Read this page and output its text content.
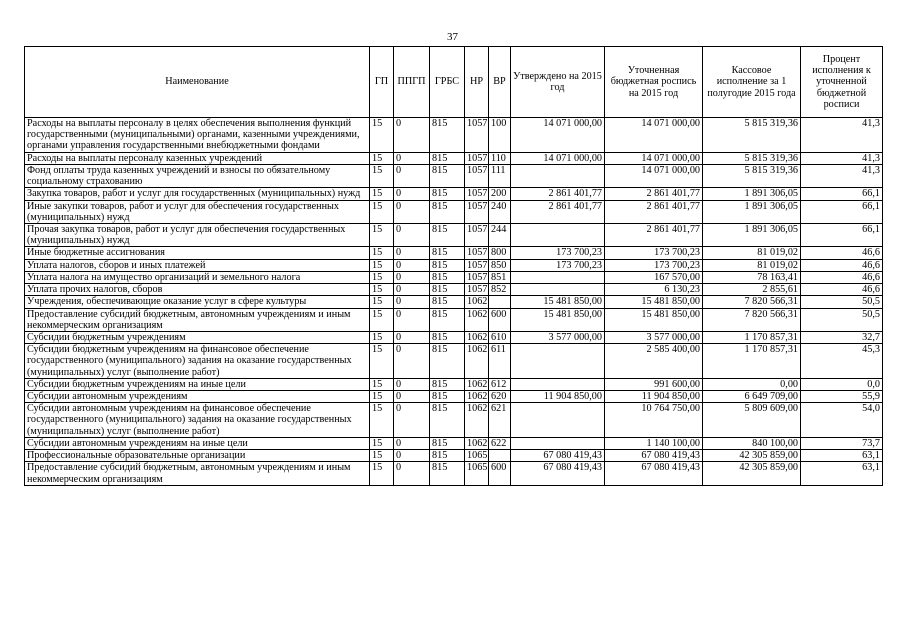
37
Наименование	ГП	ППГП	ГРБС	НР	ВР	Утверждено на 2015 год	Уточненная бюджетная роспись на 2015 год	Кассовое исполнение за 1 полугодие 2015 года	Процент исполнения к уточненной бюджетной росписи
Расходы на выплаты персоналу в целях обеспечения выполнения функций государственными (муниципальными) органами, казенными учреждениями, органами управления государственными внебюджетными фондами	15	0	815	1057	100	14 071 000,00	14 071 000,00	5 815 319,36	41,3
Расходы на выплаты персоналу казенных учреждений	15	0	815	1057	110	14 071 000,00	14 071 000,00	5 815 319,36	41,3
Фонд оплаты труда казенных учреждений и взносы по обязательному социальному страхованию	15	0	815	1057	111		14 071 000,00	5 815 319,36	41,3
Закупка товаров, работ и услуг для государственных (муниципальных) нужд	15	0	815	1057	200	2 861 401,77	2 861 401,77	1 891 306,05	66,1
Иные закупки товаров, работ и услуг для обеспечения государственных (муниципальных) нужд	15	0	815	1057	240	2 861 401,77	2 861 401,77	1 891 306,05	66,1
Прочая закупка товаров, работ и услуг для обеспечения государственных (муниципальных) нужд	15	0	815	1057	244		2 861 401,77	1 891 306,05	66,1
Иные бюджетные ассигнования	15	0	815	1057	800	173 700,23	173 700,23	81 019,02	46,6
Уплата налогов, сборов и иных платежей	15	0	815	1057	850	173 700,23	173 700,23	81 019,02	46,6
Уплата налога на имущество организаций и земельного налога	15	0	815	1057	851		167 570,00	78 163,41	46,6
Уплата прочих налогов, сборов	15	0	815	1057	852		6 130,23	2 855,61	46,6
Учреждения, обеспечивающие оказание услуг в сфере культуры	15	0	815	1062		15 481 850,00	15 481 850,00	7 820 566,31	50,5
Предоставление субсидий бюджетным, автономным учреждениям и иным некоммерческим организациям	15	0	815	1062	600	15 481 850,00	15 481 850,00	7 820 566,31	50,5
Субсидии бюджетным учреждениям	15	0	815	1062	610	3 577 000,00	3 577 000,00	1 170 857,31	32,7
Субсидии бюджетным учреждениям на финансовое обеспечение государственного (муниципального) задания на оказание государственных (муниципальных) услуг (выполнение работ)	15	0	815	1062	611		2 585 400,00	1 170 857,31	45,3
Субсидии бюджетным учреждениям на иные цели	15	0	815	1062	612		991 600,00	0,00	0,0
Субсидии автономным учреждениям	15	0	815	1062	620	11 904 850,00	11 904 850,00	6 649 709,00	55,9
Субсидии автономным учреждениям на финансовое обеспечение государственного (муниципального) задания на оказание государственных (муниципальных) услуг (выполнение работ)	15	0	815	1062	621		10 764 750,00	5 809 609,00	54,0
Субсидии автономным учреждениям на иные цели	15	0	815	1062	622		1 140 100,00	840 100,00	73,7
Профессиональные образовательные организации	15	0	815	1065		67 080 419,43	67 080 419,43	42 305 859,00	63,1
Предоставление субсидий бюджетным, автономным учреждениям и иным некоммерческим организациям	15	0	815	1065	600	67 080 419,43	67 080 419,43	42 305 859,00	63,1
